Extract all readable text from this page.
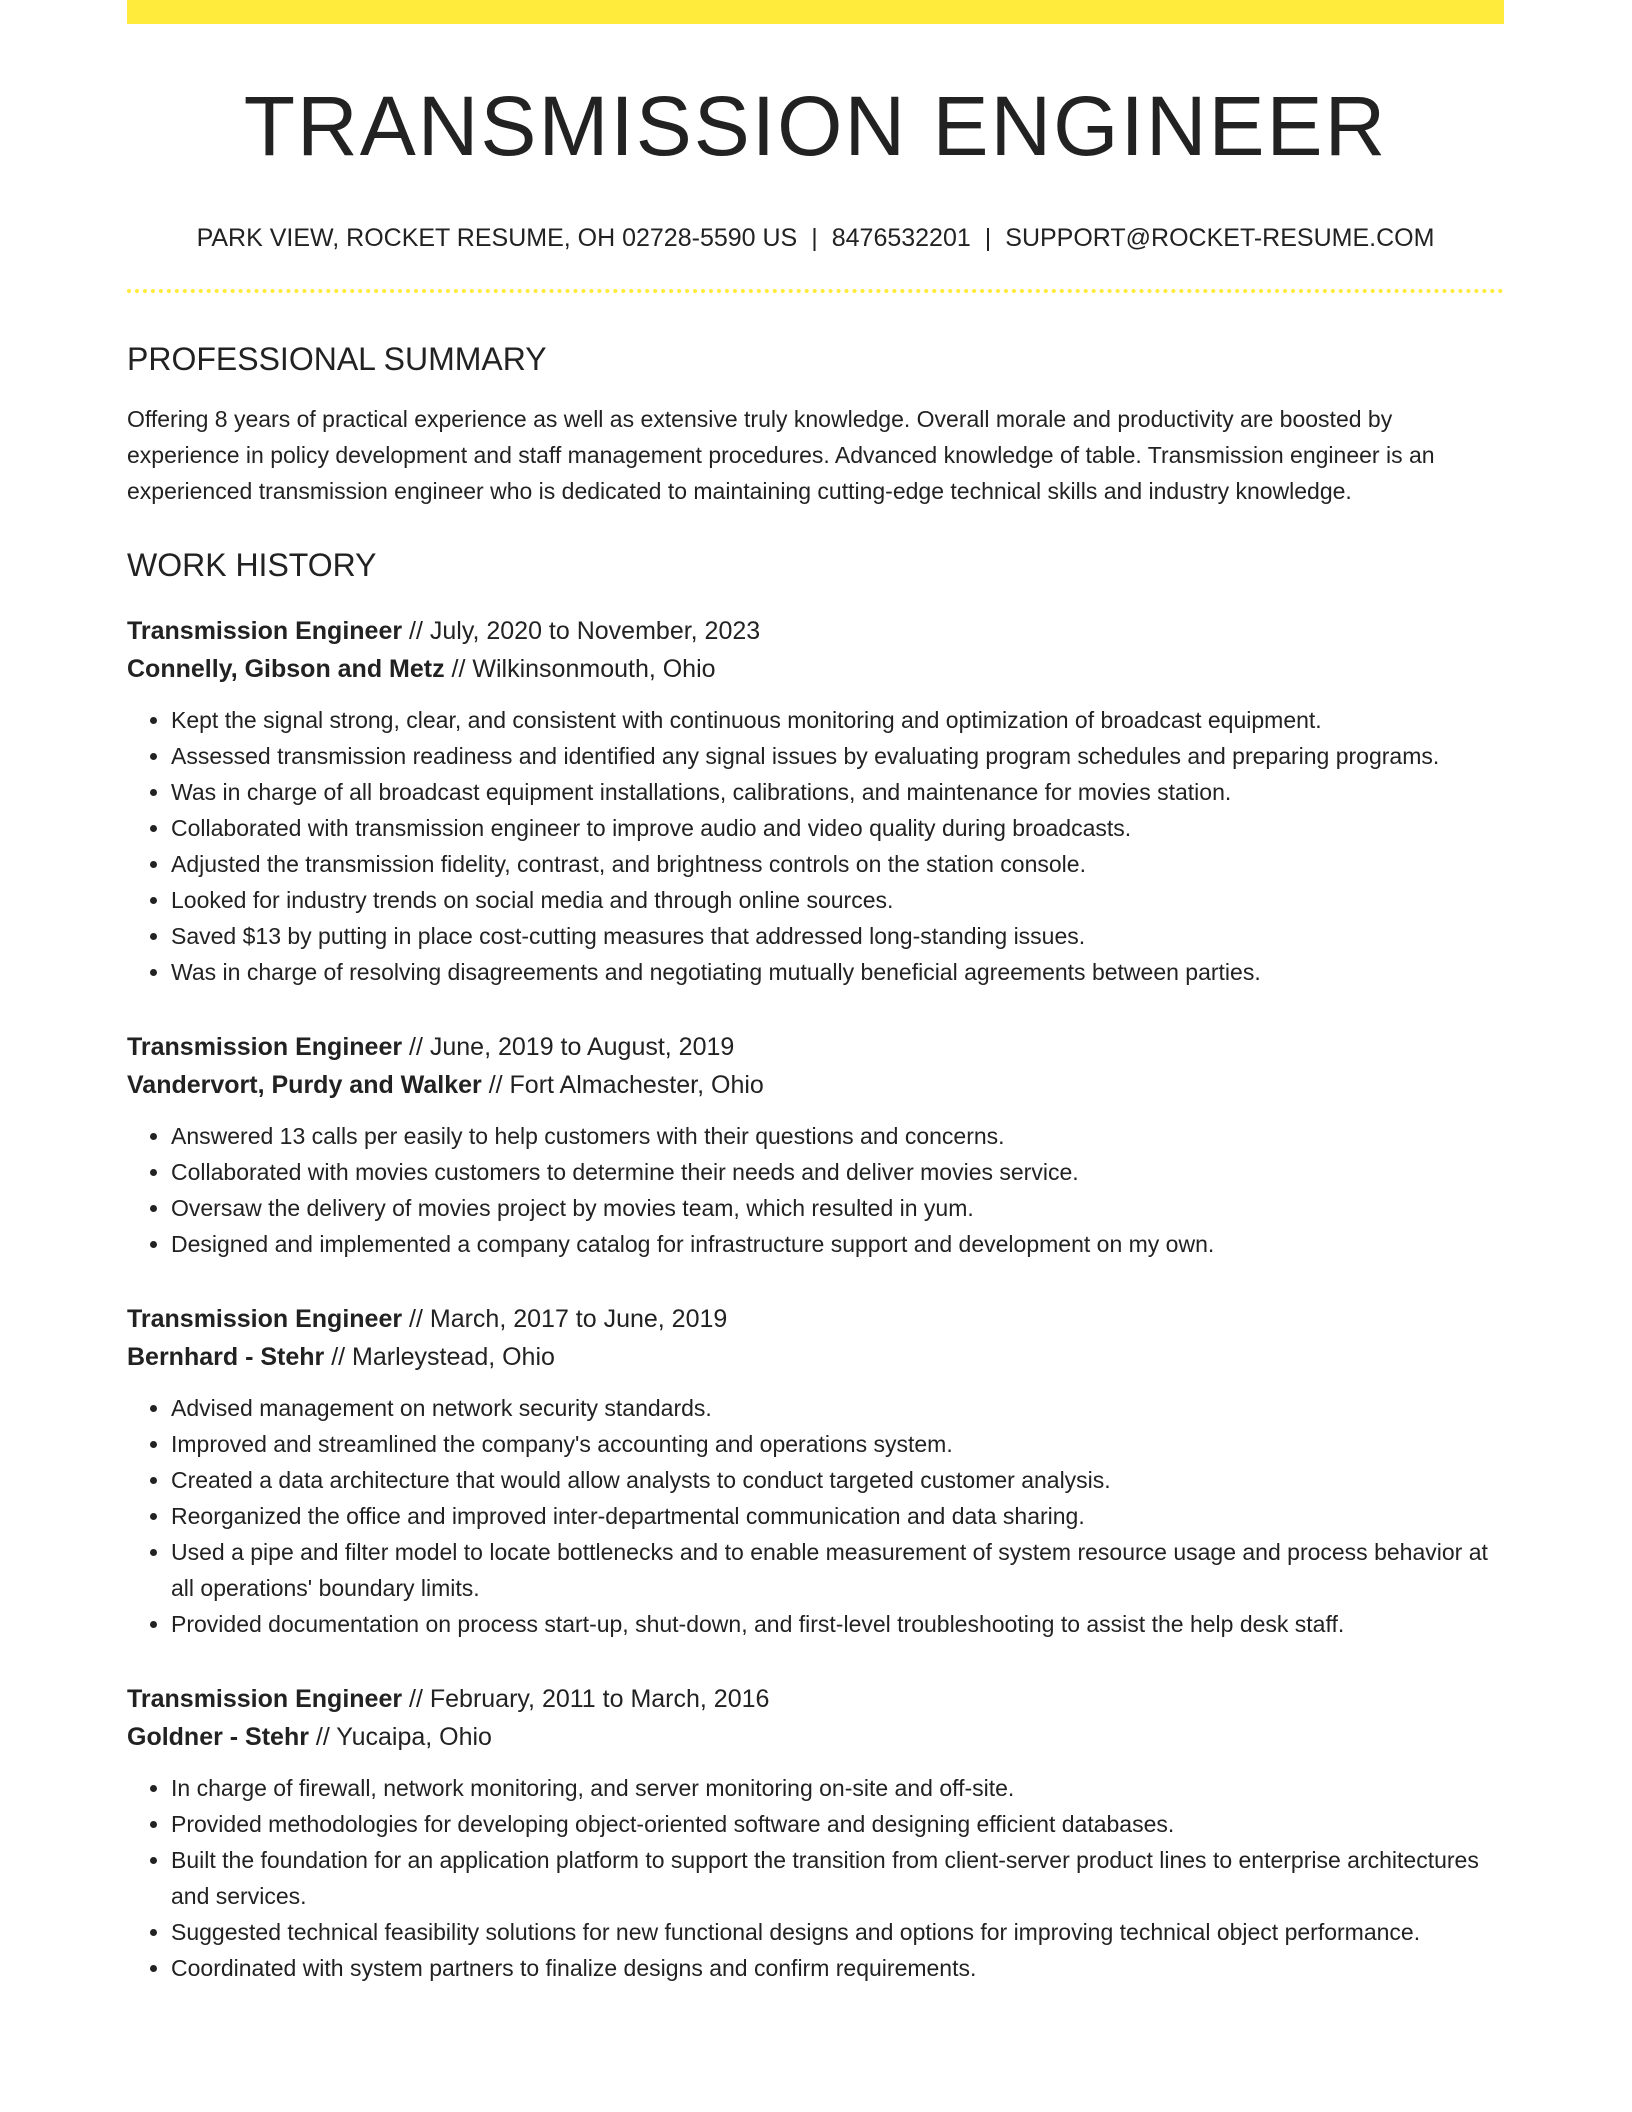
TRANSMISSION ENGINEER
PARK VIEW, ROCKET RESUME, OH 02728-5590 US | 8476532201 | SUPPORT@ROCKET-RESUME.COM
PROFESSIONAL SUMMARY

Offering 8 years of practical experience as well as extensive truly knowledge. Overall morale and productivity are boosted by experience in policy development and staff management procedures. Advanced knowledge of table. Transmission engineer is an experienced transmission engineer who is dedicated to maintaining cutting-edge technical skills and industry knowledge.

WORK HISTORY
Transmission Engineer // July, 2020 to November, 2023
Connelly, Gibson and Metz // Wilkinsonmouth, Ohio
• Kept the signal strong, clear, and consistent with continuous monitoring and optimization of broadcast equipment.
• Assessed transmission readiness and identified any signal issues by evaluating program schedules and preparing programs.
• Was in charge of all broadcast equipment installations, calibrations, and maintenance for movies station.
• Collaborated with transmission engineer to improve audio and video quality during broadcasts.
• Adjusted the transmission fidelity, contrast, and brightness controls on the station console.
• Looked for industry trends on social media and through online sources.
• Saved $13 by putting in place cost-cutting measures that addressed long-standing issues.
• Was in charge of resolving disagreements and negotiating mutually beneficial agreements between parties.
Transmission Engineer // June, 2019 to August, 2019
Vandervort, Purdy and Walker // Fort Almachester, Ohio
• Answered 13 calls per easily to help customers with their questions and concerns.
• Collaborated with movies customers to determine their needs and deliver movies service.
• Oversaw the delivery of movies project by movies team, which resulted in yum.
• Designed and implemented a company catalog for infrastructure support and development on my own.
Transmission Engineer // March, 2017 to June, 2019
Bernhard - Stehr // Marleystead, Ohio
• Advised management on network security standards.
• Improved and streamlined the company's accounting and operations system.
• Created a data architecture that would allow analysts to conduct targeted customer analysis.
• Reorganized the office and improved inter-departmental communication and data sharing.
• Used a pipe and filter model to locate bottlenecks and to enable measurement of system resource usage and process behavior at all operations' boundary limits.
• Provided documentation on process start-up, shut-down, and first-level troubleshooting to assist the help desk staff.
Transmission Engineer // February, 2011 to March, 2016
Goldner - Stehr // Yucaipa, Ohio
• In charge of firewall, network monitoring, and server monitoring on-site and off-site.
• Provided methodologies for developing object-oriented software and designing efficient databases.
• Built the foundation for an application platform to support the transition from client-server product lines to enterprise architectures and services.
• Suggested technical feasibility solutions for new functional designs and options for improving technical object performance.
• Coordinated with system partners to finalize designs and confirm requirements.
